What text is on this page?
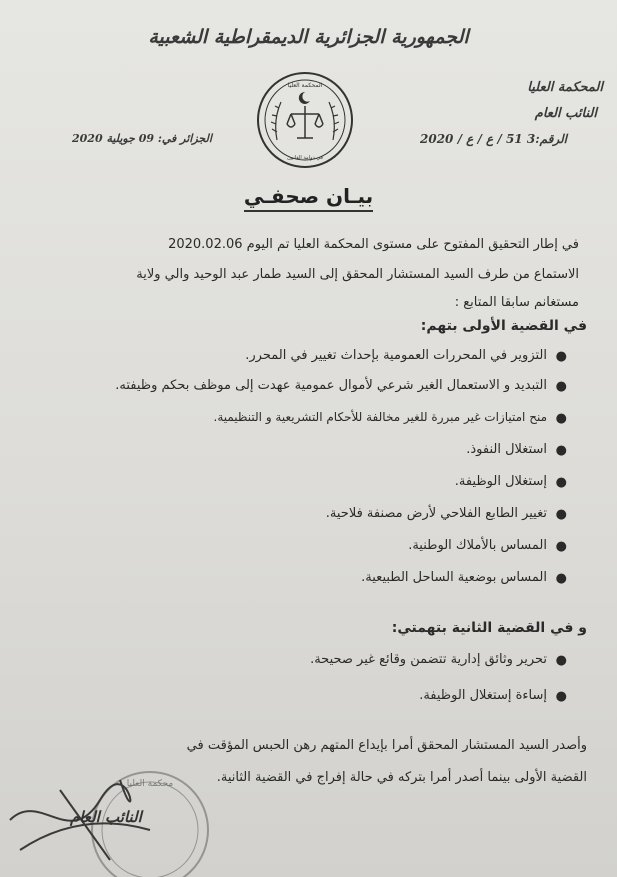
الجمهورية الجزائرية الديمقراطية الشعبية
المحكمة العليا
النائب العام
الرقم:3 51 / ع / ع / 2020
الجزائر في: 09 جويلية 2020
المحكمة العليا
في دوامة القانون
بيـان صحفـي
في إطار التحقيق المفتوح على مستوى المحكمة العليا تم اليوم 2020.02.06
الاستماع من طرف السيد المستشار المحقق إلى السيد طمار عبد الوحيد والي ولاية
مستغانم سابقا المتابع :
في القضية الأولى بتهم:
●
التزوير في المحررات العمومية بإحداث تغيير في المحرر.
●
التبديد و الاستعمال الغير شرعي لأموال عمومية عهدت إلى موظف بحكم وظيفته.
●
منح امتيازات غير مبررة للغير مخالفة للأحكام التشريعية و التنظيمية.
●
استغلال النفوذ.
●
إستغلال الوظيفة.
●
تغيير الطابع الفلاحي لأرض مصنفة فلاحية.
●
المساس بالأملاك الوطنية.
●
المساس بوضعية الساحل الطبيعية.
و في القضية الثانية بتهمتي:
●
تحرير وثائق إدارية تتضمن وقائع غير صحيحة.
●
إساءة إستغلال الوظيفة.
وأصدر السيد المستشار المحقق أمرا بإيداع المتهم رهن الحبس المؤقت في
القضية الأولى بينما أصدر أمرا بتركه في حالة إفراج في القضية الثانية.
محكمة العليا
النائب العام
